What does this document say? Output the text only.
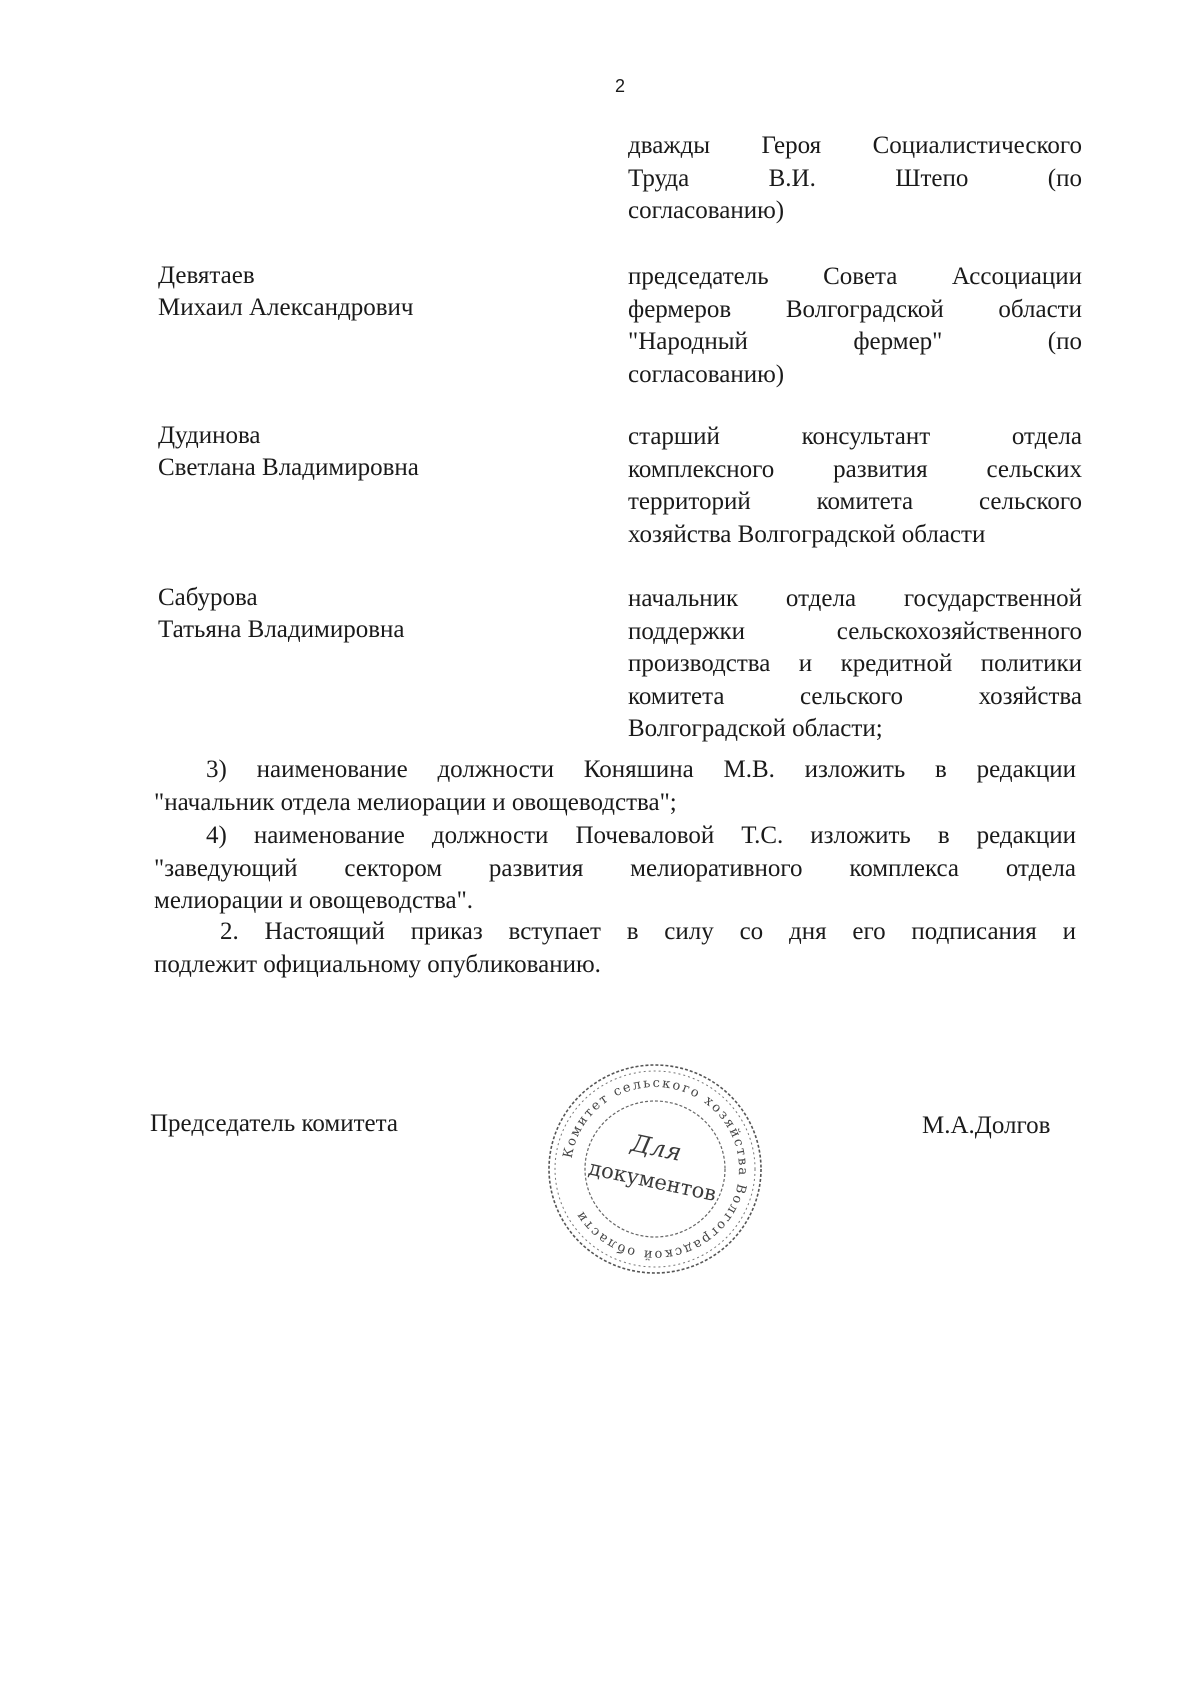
2
дважды Героя Социалистического
Труда В.И. Штепо (по
согласованию)
Девятаев
Михаил Александрович
председатель Совета Ассоциации
фермеров Волгоградской области
"Народный фермер" (по
согласованию)
Дудинова
Светлана Владимировна
старший консультант отдела
комплексного развития сельских
территорий комитета сельского
хозяйства Волгоградской области
Сабурова
Татьяна Владимировна
начальник отдела государственной
поддержки сельскохозяйственного
производства и кредитной политики
комитета сельского хозяйства
Волгоградской области;
3) наименование должности Коняшина М.В. изложить в редакции
"начальник отдела мелиорации и овощеводства";
4) наименование должности Почеваловой Т.С. изложить в редакции
"заведующий сектором развития мелиоративного комплекса отдела
мелиорации и овощеводства".
2. Настоящий приказ вступает в силу со дня его подписания и
подлежит официальному опубликованию.
Председатель комитета	М.А.Долгов
Комитет сельского хозяйства Волгоградской области
Для
документов
